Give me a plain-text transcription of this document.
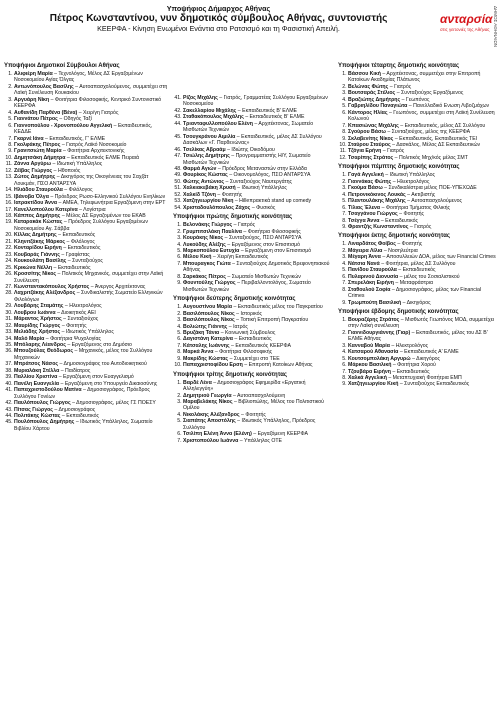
Υποψήφιος Δήμαρχος Αθήνας
Πέτρος Κωνσταντίνου, νυν δημοτικός σύμβουλος Αθήνας, συντονιστής
ΚΕΕΡΦΑ - Κίνηση Ενωμένοι Ενάντια στο Ρατσισμό και τη Φασιστική Απειλή.
ανταρσία
στις γειτονιές της Αθήνας ΔΗΜΟΣ ΑΘΗΝΑΙΩΝ
Υποψήφιοι Δημοτικοί Σύμβουλοι Αθήνας
1. Αλιφιέρη Μαρία – Τεχνολόγος, Μέλος ΔΣ Εργαζομένων Νοσοκομείου Αγίας Όλγας
2. Αντωνόπουλος Βασίλης – Αυτοαπασχολούμενος, συμμετέχει στη Λαϊκή Συνέλευση Κουκακίου
3. Αργυάρη Νίκη – Φοιτήτρια Φιλοσοφικής, Κεντρικό Συντονιστικό ΚΕΕΡΦΑ
4. Αυθανίδη Παρθένα (Βένα) – Χειρ/γη Γιατρός
5. Γιαννάτου Πέτρος – Οδηγός Ταξί
6. Γιαννοπούλου - Χρονοπούλου Αγγελική – Εκπαιδευτικός, ΚΕΔΔΕ
7. Γκαρνέ Ιάνα – Εκπαιδευτικός, Γ' ΕΛΜΕ
8. Γκολφάκης Πέτρος – Γιατρός Λαϊκό Νοσοκομείο
9. Γρανιτσιώτη Μαρία – Φοιτήτρια Αρχιτεκτονικής
10. Δημητσάκη Δήμητρα – Εκπαιδευτικός ΕΛΜΕ Πειραιά
11. Ζάννα Αργύρω – Ιδιωτική Υπάλληλος
12. Ζέϊβας Γιώργος – Ηθοποιός
13. Ζώτος Δημήτρης – Δικηγόρος της Οικογένειας του Σαχζάτ Λουκμάν, ΠΣΟ ΑΝΤΑΡΣΥΑ
14. Ηλιάδου Σταυρούλα – Φιλόλογος
15. Ιβάνοβα Όλγα – Πρόεδρος Ρωσο-Ελληνικού Συλλόγου Ενηλίκων
16. Ιατρακτίδου Άννα – ΑΜΕΑ, Τηλεφωνήτρια Εργαζόμενη στην ΕΡΤ
17. Κανελλοπούλου Κατερίνα – Λογίστρια
18. Κάππος Δημήτρης – Μέλος ΔΣ Εργαζομένων του ΕΚΑΒ
19. Καταρακάκ Κώστας – Πρόεδρος Συλλόγου Εργαζομένων Νοσοκομείου Αγ. Σάββα
20. Κίλλας Δημήτρης – Εκπαιδευτικός
21. Κληνιτζάκης Μάρκος – Φιλόλογος
22. Κονταρίδου Ειρήνη – Εκπαιδευτικός
23. Κουβαράς Γιάννης – Γραφίστας
24. Κουκουλάτη Βασίλης – Συνταξιούχος
25. Κρικώνα Νέλλη – Εκπαιδευτικός
26. Κροσσίτης Νίκος – Πολιτικός Μηχανικός, συμμετέχει στην Λαϊκή Συνέλευση
27. Κωνσταντακόπουλος Χρήστος – Άνεργος Αρχιτέκτονας
28. Λαχριτζάκης Αλέξανδρος – Συνδικαλιστής Σωματείο Ελληνικών Φιλολόγων
29. Λουβάρης Σταμάτης – Ηλεκτρολόγος
30. Λουβρου Ιωάννα – Διοικητικός ΑΕΙ
31. Μάραντος Χρήστος – Συνταξιούχος
32. Μαυρίδης Γιώργος – Φοιτητής
33. Μελιάδης Χρήστος – Ιδιωτικός Υπάλληλος
34. Μαλό Μαρία – Φοιτήτρια Ψυχολογίας
35. Μπόλαρης Λέανδρος – Εργαζόμενος στο Δημόσιο
36. Μπουζούλας Θεόδωρος – Μηχανικός, μέλος του Συλλόγου Μηχανικών
37. Μπράτσος Νάσος – Δημοσιογράφος του Αυτοδιοικητικού
38. Μυριαλάκη Στέλλα – Παιδίατρος
39. Παλλίου Χριστίνα – Εργαζόμενη στον Ευαγγελισμό
40. Πανέλη Ευανγελία – Εργαζόμενη στο Υπουργείο Δικαιοσύνης
41. Παπαχριστοδούλου Ματίνα – Δημοσιογράφος, Πρόεδρος Συλλόγου Γονέων
42. Παυλόπουλος Γιώργος – Δημοσιογράφος, μέλος ΓΣ ΠΟΕΣΥ
43. Πίτσας Γιώργος – Δημοσιογράφος
44. Πολιτάκης Κώστας – Εκπαιδευτικός
45. Πουλόπουλος Δημήτρης – Ιδιωτικός Υπάλληλος, Σωματείο Βιβλίου Χάρτου
41. Ρίζος Μιχάλης – Γιατρός, Γραμματέας Συλλόγου Εργαζομένων Νοσοκομείου
42. Σακελλαρίου Μιχάλης – Εκπαιδευτικός Β' ΕΛΜΕ
43. Σταθακόπουλος Μιχάλης – Εκπαιδευτικός Β' ΕΛΜΕ
44. Τριανταφυλλοπούλου Ελένη – Αρχιτέκτονας, Σωματείο Μισθωτών Τεχνικών
45. Τσουγκράνου Αιμιλία – Εκπαιδευτικός, μέλος ΔΣ Συλλόγου Δασκάλων «Γ. Παρθενώνας»
46. Τσελίκας Αβραάμ – Ιδιώτης Οικοδόμου
47. Τσιώλης Δημήτρης – Προγραμματιστής Η/Υ, Σωματείο Μισθωτών Τεχνικών
48. Φαρμά Αγιών – Πρόεδρος Μεταναστών στην Ελλάδα
49. Φουρίκος Κώστας – Οικονομολόγος, ΠΣΟ ΑΝΤΑΡΣΥΑ
50. Φώτης Αντώνιος – Συνταξιούχος Ναυτεργάτης
51. Χαλκιακεβάκη Χρυσή – Ιδιωτική Υπάλληλος
52. Χαλκίδ Τζόνη – Φοιτητής
53. Χατζηγεωργίου Νίκη – Hilleπρακτικά stand up comedy
54. Χρισταδουλόπουλος Ζάχος – Φυσικός
Υποψήφιοι πρώτης δημοτικής κοινότητας
1. Βελονάκης Γιώργος – Γιατρός
2. Γρυμπιτσιλάκη Παυλίνα – Φοιτήτρια Φιλοσοφικής
3. Κουράκης Νίκος – Συνταξιούχος, ΠΣΟ ΑΝΤΑΡΣΥΑ
4. Λυκούδης Αλέξης – Εργαζόμενος στον Επισιτισμό
5. Μαρκοπούλου Ευτυχία – Εργαζόμενη στον Επισιτισμό
6. Μέλου Κική – Χειρ/γη Εκπαιδευτικός
7. Μπουραγκος Γιώτα – Συνταξιούχος Δημοτικός Βρεφονηπιακού Αθήνας
8. Σαρκάκος Πέτρος – Σωματείο Μισθωτών Τεχνικών
9. Φουντούλης Γιώργος – Περιβαλλοντολόγος, Σωματείο Μισθωτών Τεχνικών
Υποψήφιοι δεύτερης δημοτικής κοινότητας
1. Αυγουστίνου Μαρία – Εκπαιδευτικός μέλος του Παγκρατίου
2. Βασιλόπουλος Νίκος – Ιστορικός
3. Βασιλόπουλος Νίκος – Τοπική Επιτροπή Παγκρατίου
4. Βολιώτης Γιάννης – Ιατρός
5. Βρυζάκη Τάνια – Κοινωνική Σύμβουλος
6. Δαγιστάνη Κατερίνα – Εκπαιδευτικός
7. Κάτσαλης Ιωάννης – Εκπαιδευτικός ΚΕΕΡΦΑ
8. Μαρκά Άννα – Φοιτήτρια Φιλοσοφικής
9. Μακρίδης Κώστας – Συμμετέχει στο ΤΕΕ
10. Παπαχριστοφίδου Ερση – Επιτροπή Κατοίκων Αθήνας
Υποψήφιοι τρίτης δημοτικής κοινότητας
1. Βαρδέ Λένα – Δημοσιογράφος Εφημερίδα «Εργατική Αλληλεγγύη»
2. Δημητριού Γεωργία – Αυτοαπασχολούμενη
3. Μαραβελάκης Νίκος – Βιβλιοπώλης, Μέλος του Πολιτιστικού Ομίλου
4. Νικολάκης Αλέξανδρος – Φοιτητής
5. Σιαπάτης Αποστόλης – Ιδιωτικός Υπάλληλος, Πρόεδρος Συλλόγου
6. Τσιλίπη Ελένη Άννα (Ελένη) – Εργαζόμενη ΚΕΕΡΦΑ
7. Χριστοπούλου Ιωάννα – Υπάλληλος ΟΤΕ
Υποψήφιοι τέταρτης δημοτικής κοινότητας
1. Βάσσου Κική – Αρχιτέκτονας, συμμετέχει στην Επιτροπή Κατοίκων Ακαδημίας Πλάτωνος
2. Βελώνας Φώτης – Γιατρός
3. Βουτσαράς Στέλιος – Συνταξιούχος Εργαζόμενος
4. Βραζιώτης Δημήτρης – Γεωπόνος
5. Γαβριηλίδου Παναγιώτα – Πανελλαδικό Ενωση Λιβοζμάχων
6. Κάντορος Ηλίας – Γεωπόνος, συμμετέχει στη Λαϊκή Συνέλευση Κολωνού
7. Κπασιώνας Μιχάλης – Εκπαιδευτικός, μέλος ΔΣ Συλλόγου
8. Σγούρου Βάσω – Συνταξιούχος, μέλος της ΚΕΕΡΦΑ
9. Σκλαβενίτης Νίκος – Εκπαιδευτικός, Εκπαιδευτικός ΤΕΙ
10. Σταύρου Σταύρος – Δασκάλος, Μέλος ΔΣ Εκπαιδευτικών
11. Τζόγια Ερήνη – Γιατρός
12. Τσαρίπης Στράτος – Πολιτικός Μηχ/κός μέλος ΣΜΤ
Υποψήφιοι πέμπτης δημοτικής κοινότητας
1. Γαγά Αγγελική – Ιδιωτική Υπάλληλος
2. Γιαννάκας Φώτης – Ηλεκτρολόγος
3. Γκούμα Βάσω – Συνδικαλίστρια μέλος ΠΟΕ-ΥΠΕΧΩΔΕ
4. Πετρονικόκινος Λουκάς – Ακτιβιστής
5. Πλαντουλάκης Μιχάλης – Αυτοαπασχολούμενος
6. Τίλιας Έλενα – Φοιτήτρια Τμήματος Φιλικής
7. Τσαγγάνου Γιώργος – Φοιτητής
8. Τσέγγα Άννα – Εκπαιδευτικός
9. Φραντζής Κωνσταντίνος – Γιατρός
Υποψήφιοι έκτης δημοτικής κοινότητας
1. Λιναρδάτος Φοίβος – Φοιτητής
2. Μάγειρα Λίλια – Νοσηλεύτρια
3. Μέγαρη Άννα – Αποσυλλειών ΔΟΑ, μέλος των Financial Crimes
4. Νάτσια Νανά – Φοιτήτρια, μέλος ΔΣ Συλλόγου
5. Πανίδου Σταυρούλα – Εκπαιδευτικός
6. Πυλαρινού Διονυσία – μέλος του Σοσιαλιστικού
7. Σπερελάκη Ειρήνη – Μεταφράστρια
8. Σταθουλού Σοφία – Δημοσιογράφος, μέλος των Financial Crimes
9. Τρωμπούτη Βασιλική – Δικηγόρος
Υποψήφιοι έβδομης δημοτικής κοινότητας
1. Βουραζέρης Στράτος – Μισθωτός Γεωπόνος ΜΟΔ, συμμετέχει στην Λαϊκή συνέλευση
2. Γιαννιδουργιάννης (Γιαρ) – Εκπαιδευτικός, μέλος του ΔΣ Β' ΕΛΜΕ Αθήνας
3. Κανναβού Μαρία – Ηλεκτρολόγος
4. Κατσαρού Αθανασία – Εκπαιδευτικός Α' ΕΛΜΕ
5. Κουτσομπολάκη Αργυρώ – Δικηγόρος
6. Μάρκου Βασιλική – Φοιτήτρια Χορού
7. Τζουβάρα Ειρήνη – Εκπαιδευτικός
8. Χαλκά Αγγελική – Μεταπτυχιακή Φοιτήτρια ΕΜΠ
9. Χατζηγεωργίου Κική – Συνταξιούχος Εκπαιδευτικός
